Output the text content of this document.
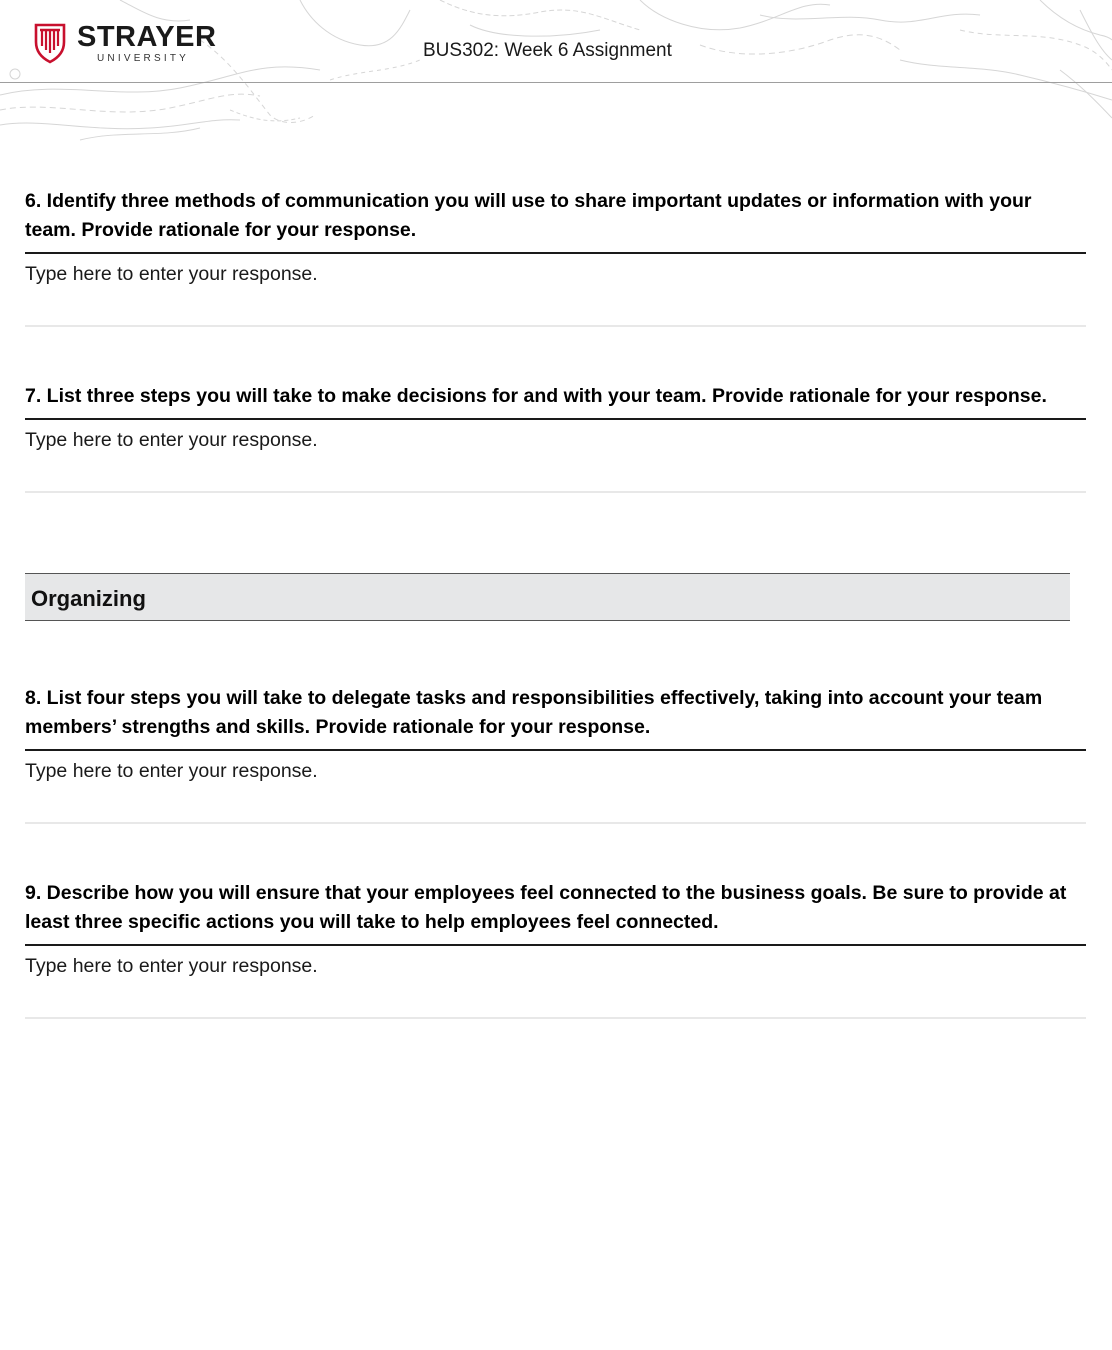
STRAYER
UNIVERSITY	BUS302: Week 6 Assignment

6. Identify three methods of communication you will use to share important updates or information with your team. Provide rationale for your response.

Type here to enter your response.

7. List three steps you will take to make decisions for and with your team. Provide rationale for your response.

Type here to enter your response.
Organizing

8. List four steps you will take to delegate tasks and responsibilities effectively, taking into account your team members’ strengths and skills. Provide rationale for your response.

Type here to enter your response.

9. Describe how you will ensure that your employees feel connected to the business goals. Be sure to provide at least three specific actions you will take to help employees feel connected.

Type here to enter your response.
